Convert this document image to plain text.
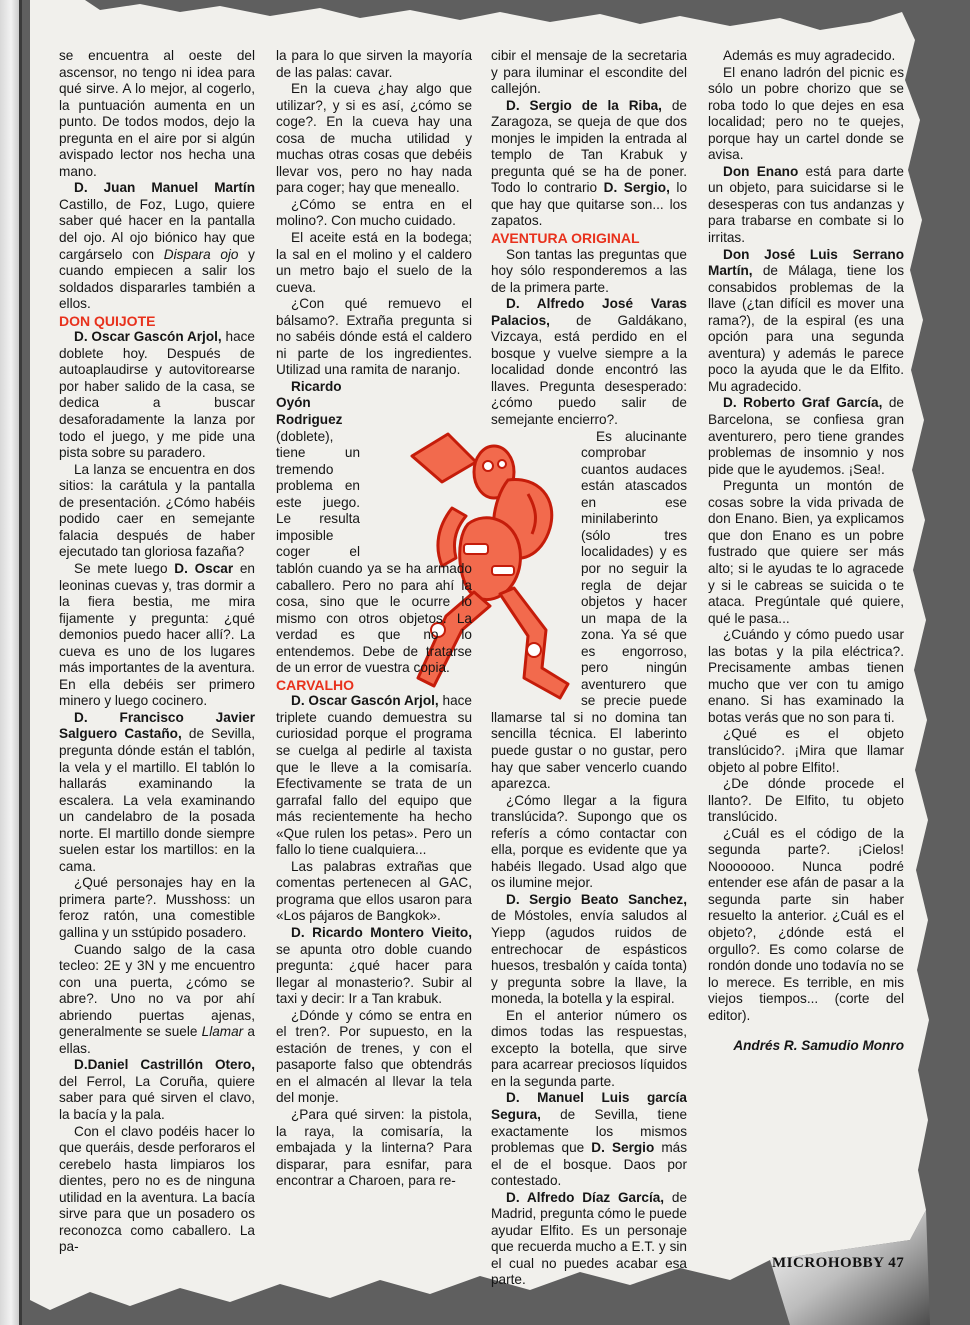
se encuentra al oeste del ascensor, no tengo ni idea para qué sirve. A lo mejor, al cogerlo, la puntuación aumenta en un punto. De todos modos, dejo la pregunta en el aire por si algún avispado lector nos hecha una mano.

D. Juan Manuel Martín Castillo, de Foz, Lugo, quiere saber qué hacer en la pantalla del ojo. Al ojo biónico hay que cargárselo con Dispara ojo y cuando empiecen a salir los soldados dispararles también a ellos.

DON QUIJOTE

D. Oscar Gascón Arjol, hace doblete hoy. Después de autoaplaudirse y autovitorearse por haber salido de la casa, se dedica a buscar desaforadamente la lanza por todo el juego, y me pide una pista sobre su paradero.

La lanza se encuentra en dos sitios: la carátula y la pantalla de presentación. ¿Cómo habéis podido caer en semejante falacia después de haber ejecutado tan gloriosa fazaña?

Se mete luego D. Oscar en leoninas cuevas y, tras dormir a la fiera bestia, me mira fijamente y pregunta: ¿qué demonios puedo hacer allí?. La cueva es uno de los lugares más importantes de la aventura. En ella debéis ser primero minero y luego cocinero.

D. Francisco Javier Salguero Castaño, de Sevilla, pregunta dónde están el tablón, la vela y el martillo. El tablón lo hallarás examinando la escalera. La vela examinando un candelabro de la posada norte. El martillo donde siempre suelen estar los martillos: en la cama.

¿Qué personajes hay en la primera parte?. Musshoss: un feroz ratón, una comestible gallina y un sstúpido posadero.

Cuando salgo de la casa tecleo: 2E y 3N y me encuentro con una puerta, ¿cómo se abre?. Uno no va por ahí abriendo puertas ajenas, generalmente se suele Llamar a ellas.

D.Daniel Castrillón Otero, del Ferrol, La Coruña, quiere saber para qué sirven el clavo, la bacía y la pala.

Con el clavo podéis hacer lo que queráis, desde perforaros el cerebelo hasta limpiaros los dientes, pero no es de ninguna utilidad en la aventura. La bacía sirve para que un posadero os reconozca como caballero. La pa-

la para lo que sirven la mayoría de las palas: cavar.

En la cueva ¿hay algo que utilizar?, y si es así, ¿cómo se coge?. En la cueva hay una cosa de mucha utilidad y muchas otras cosas que debéis llevar vos, pero no hay nada para coger; hay que meneallo.

¿Cómo se entra en el molino?. Con mucho cuidado.

El aceite está en la bodega; la sal en el molino y el caldero un metro bajo el suelo de la cueva.

¿Con qué remuevo el bálsamo?. Extraña pregunta si no sabéis dónde está el caldero ni parte de los ingredientes. Utilizad una ramita de naranjo.

Ricardo Oyón Rodriguez (doblete), tiene un tremendo problema en este juego. Le resulta imposible coger el tablón cuando ya se ha armado caballero. Pero no para ahí la cosa, sino que le ocurre lo mismo con otros objetos. La verdad es que no lo entendemos. Debe de tratarse de un error de vuestra copia.

CARVALHO

D. Oscar Gascón Arjol, hace triplete cuando demuestra su curiosidad porque el programa se cuelga al pedirle al taxista que le lleve a la comisaría. Efectivamente se trata de un garrafal fallo del equipo que más recientemente ha hecho «Que rulen los petas». Pero un fallo lo tiene cualquiera...

Las palabras extrañas que comentas pertenecen al GAC, programa que ellos usaron para «Los pájaros de Bangkok».

D. Ricardo Montero Vieito, se apunta otro doble cuando pregunta: ¿qué hacer para llegar al monasterio?. Subir al taxi y decir: Ir a Tan krabuk.

¿Dónde y cómo se entra en el tren?. Por supuesto, en la estación de trenes, y con el pasaporte falso que obtendrás en el almacén al llevar la tela del monje.

¿Para qué sirven: la pistola, la raya, la comisaría, la embajada y la linterna? Para disparar, para esnifar, para encontrar a Charoen, para re-

cibir el mensaje de la secretaria y para iluminar el escondite del callejón.

D. Sergio de la Riba, de Zaragoza, se queja de que dos monjes le impiden la entrada al templo de Tan Krabuk y pregunta qué se ha de poner. Todo lo contrario D. Sergio, lo que hay que quitarse son... los zapatos.

AVENTURA ORIGINAL

Son tantas las preguntas que hoy sólo responderemos a las de la primera parte.

D. Alfredo José Varas Palacios, de Galdákano, Vizcaya, está perdido en el bosque y vuelve siempre a la localidad donde encontró las llaves. Pregunta desesperado: ¿cómo puedo salir de semejante encierro?.

Es alucinante comprobar cuantos audaces están atascados en ese minilaberinto (sólo tres localidades) y es por no seguir la regla de dejar objetos y hacer un mapa de la zona. Ya sé que es engorroso, pero ningún aventurero que se precie puede llamarse tal si no domina tan sencilla técnica. El laberinto puede gustar o no gustar, pero hay que saber vencerlo cuando aparezca.

¿Cómo llegar a la figura translúcida?. Supongo que os referís a cómo contactar con ella, porque es evidente que ya habéis llegado. Usad algo que os ilumine mejor.

D. Sergio Beato Sanchez, de Móstoles, envía saludos al Yiepp (agudos ruidos de entrechocar de espásticos huesos, tresbalón y caída tonta) y pregunta sobre la llave, la moneda, la botella y la espiral.

En el anterior número os dimos todas las respuestas, excepto la botella, que sirve para acarrear preciosos líquidos en la segunda parte.

D. Manuel Luis garcía Segura, de Sevilla, tiene exactamente los mismos problemas que D. Sergio más el de el bosque. Daos por contestado.

D. Alfredo Díaz García, de Madrid, pregunta cómo le puede ayudar Elfito. Es un personaje que recuerda mucho a E.T. y sin el cual no puedes acabar esa parte.

Además es muy agradecido.

El enano ladrón del picnic es sólo un pobre chorizo que se roba todo lo que dejes en esa localidad; pero no te quejes, porque hay un cartel donde se avisa.

Don Enano está para darte un objeto, para suicidarse si le desesperas con tus andanzas y para trabarse en combate si lo irritas.

Don José Luis Serrano Martín, de Málaga, tiene los consabidos problemas de la llave (¿tan difícil es mover una rama?), de la espiral (es una opción para una segunda aventura) y además le parece poco la ayuda que le da Elfito. Mu agradecido.

D. Roberto Graf García, de Barcelona, se confiesa gran aventurero, pero tiene grandes problemas de insomnio y nos pide que le ayudemos. ¡Sea!.

Pregunta un montón de cosas sobre la vida privada de don Enano. Bien, ya explicamos que don Enano es un pobre fustrado que quiere ser más alto; si le ayudas te lo agracede y si le cabreas se suicida o te ataca. Pregúntale qué quiere, qué le pasa...

¿Cuándo y cómo puedo usar las botas y la pila eléctrica?. Precisamente ambas tienen mucho que ver con tu amigo enano. Si has examinado la botas verás que no son para ti.

¿Qué es el objeto translúcido?. ¡Mira que llamar objeto al pobre Elfito!.

¿De dónde procede el llanto?. De Elfito, tu objeto translúcido.

¿Cuál es el código de la segunda parte?. ¡Cielos! Nooooooo. Nunca podré entender ese afán de pasar a la segunda parte sin haber resuelto la anterior. ¿Cuál es el objeto?, ¿dónde está el orgullo?. Es como colarse de rondón donde uno todavía no se lo merece. Es terrible, en mis viejos tiempos... (corte del editor).

Andrés R. Samudio Monro
MICROHOBBY 47
